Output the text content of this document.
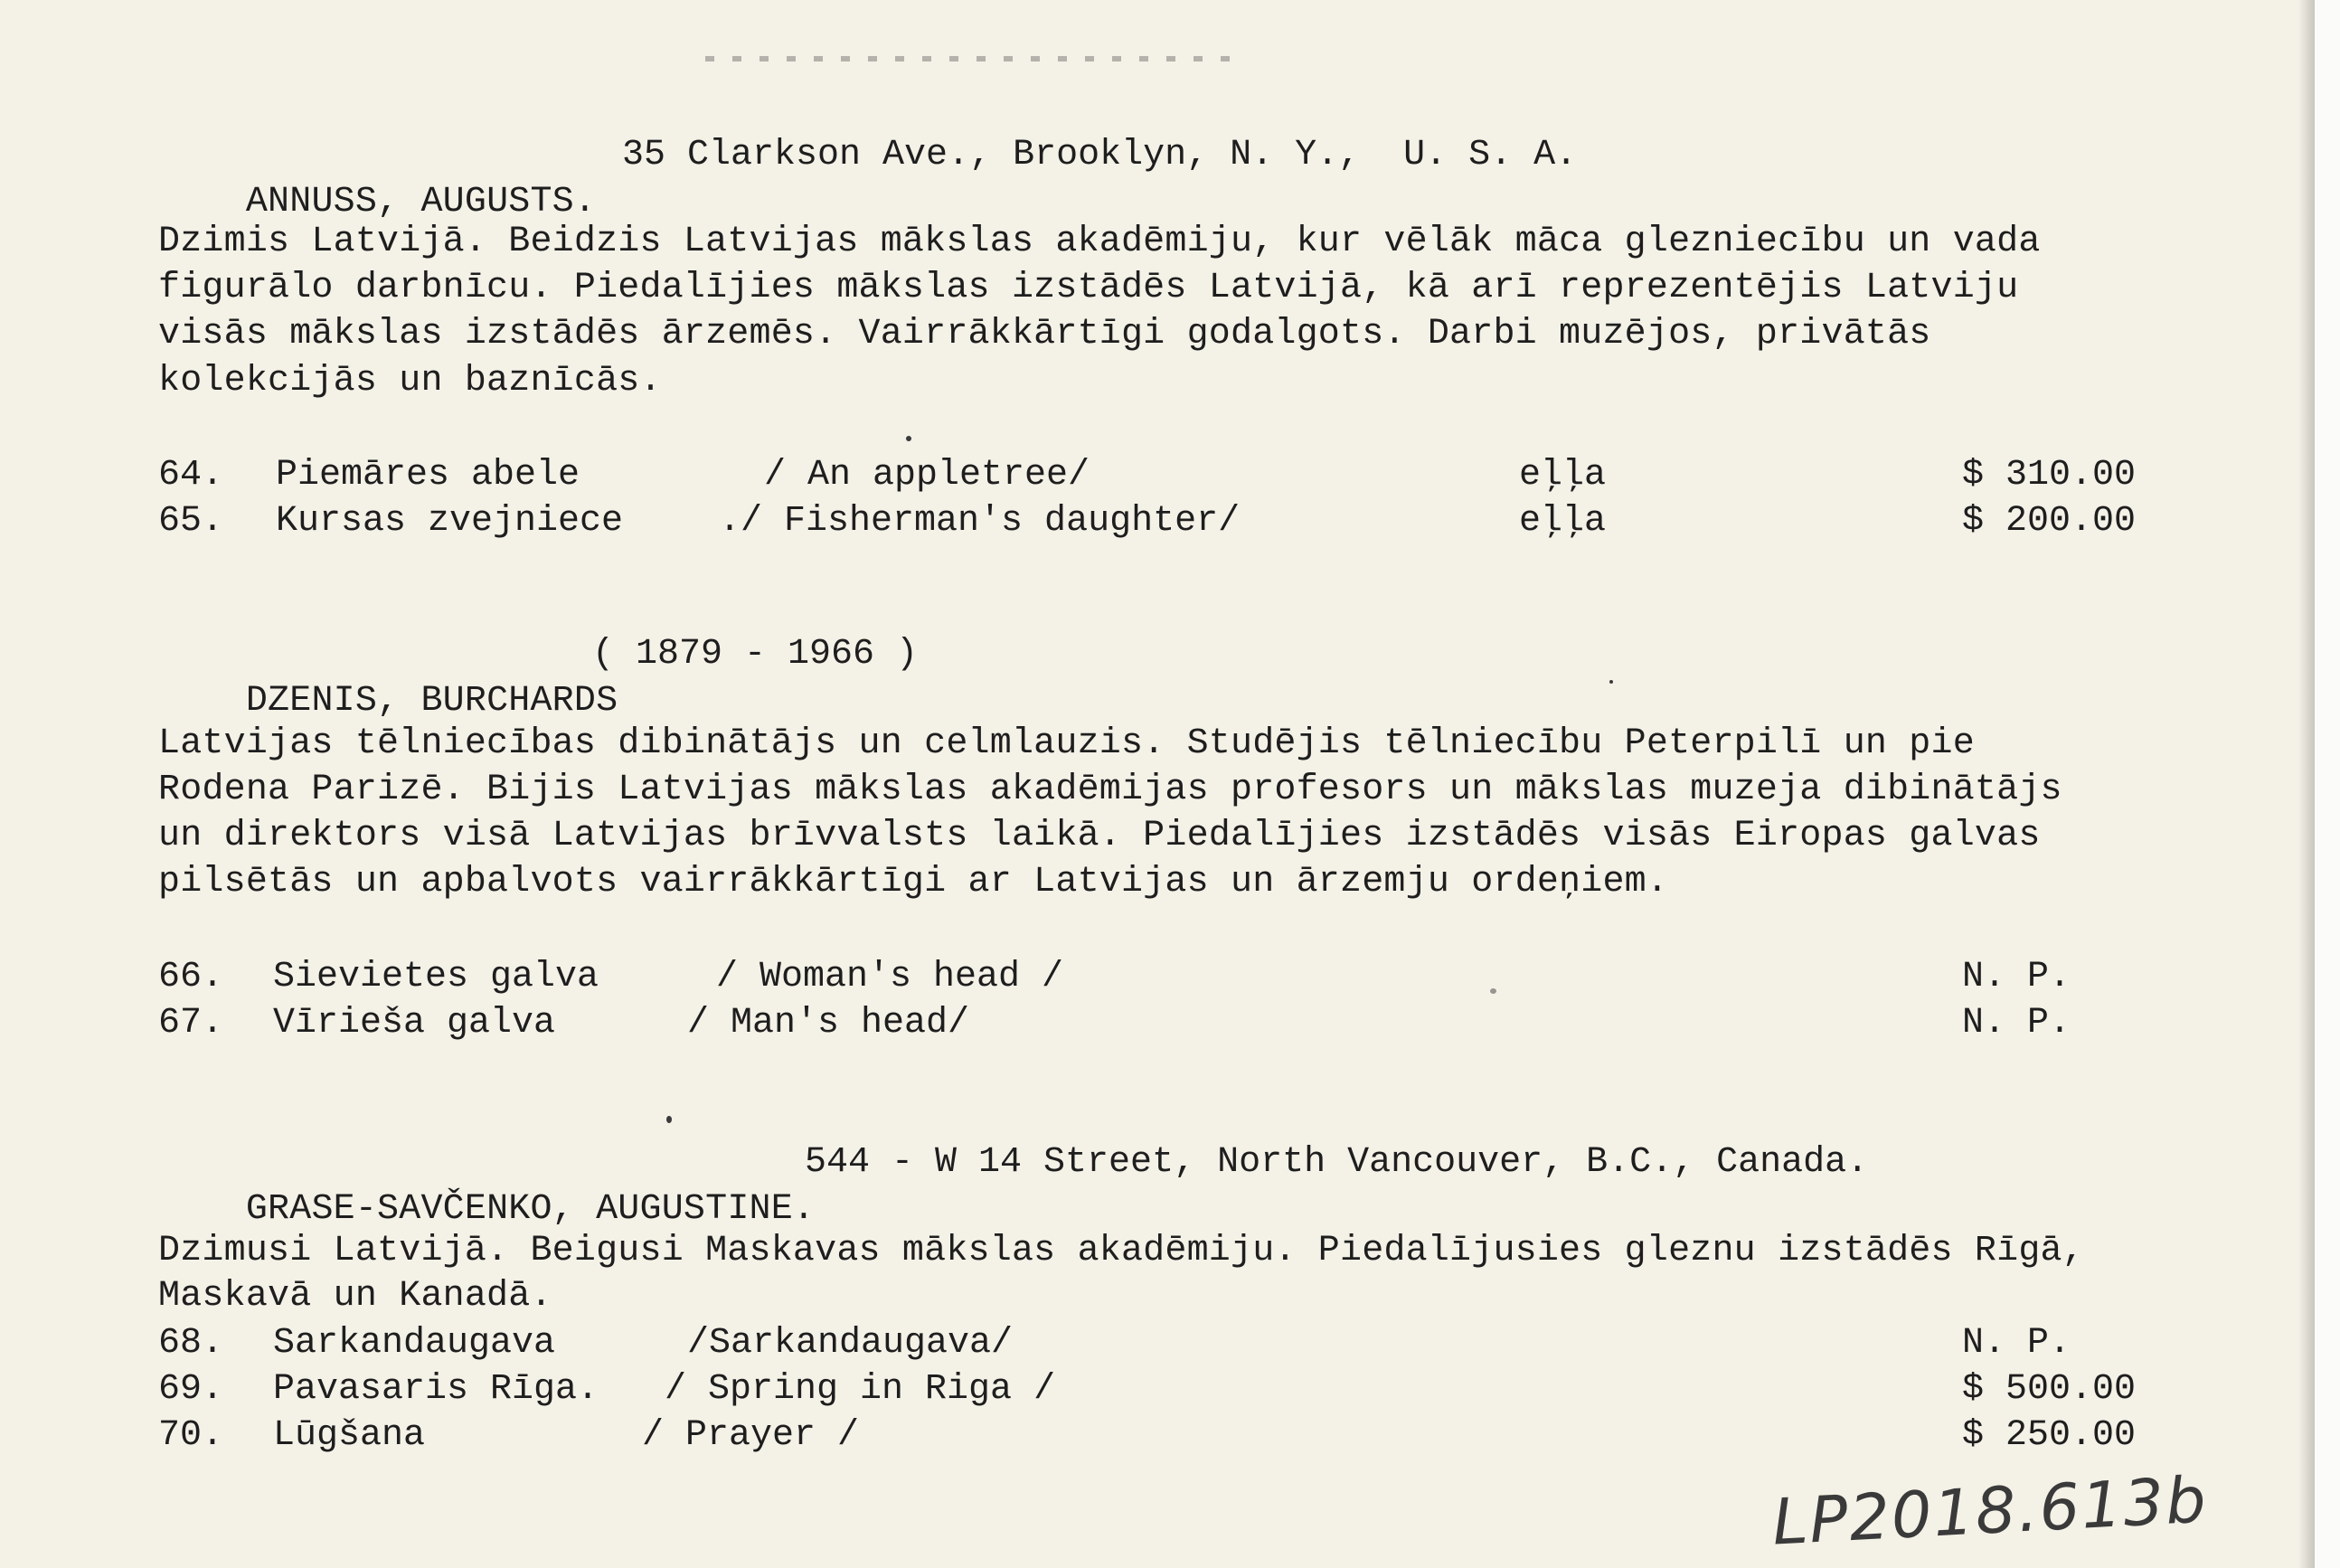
ANNUSS, AUGUSTS.

35 Clarkson Ave., Brooklyn, N. Y.,  U. S. A.
Dzimis Latvijā. Beidzis Latvijas mākslas akadēmiju, kur vēlāk māca glezniecību un vada
figurālo darbnīcu. Piedalījies mākslas izstādēs Latvijā, kā arī reprezentējis Latviju
visās mākslas izstādēs ārzemēs. Vairrākkārtīgi godalgots. Darbi muzējos, privātās
kolekcijās un baznīcās.
64. Piemāres abele	/ An appletree/	eļļa	$ 310.00
65. Kursas zvejniece	./ Fisherman's daughter/	eļļa	$ 200.00

DZENIS, BURCHARDS

( 1879 - 1966 )
Latvijas tēlniecības dibinātājs un celmlauzis. Studējis tēlniecību Peterpilī un pie
Rodena Parizē. Bijis Latvijas mākslas akadēmijas profesors un mākslas muzeja dibinātājs
un direktors visā Latvijas brīvvalsts laikā. Piedalījies izstādēs visās Eiropas galvas
pilsētās un apbalvots vairrākkārtīgi ar Latvijas un ārzemju ordeņiem.
66. Sievietes galva	/ Woman's head /	N. P.
67. Vīrieša galva	/ Man's head/	N. P.

GRASE-SAVČENKO, AUGUSTINE.

544 - W 14 Street, North Vancouver, B.C., Canada.
Dzimusi Latvijā. Beigusi Maskavas mākslas akadēmiju. Piedalījusies gleznu izstādēs Rīgā,
Maskavā un Kanadā.
68. Sarkandaugava	/Sarkandaugava/	N. P.
69. Pavasaris Rīga. / Spring in Riga /	$ 500.00
70. Lūgšana	/ Prayer /	$ 250.00
LP2018.613b
